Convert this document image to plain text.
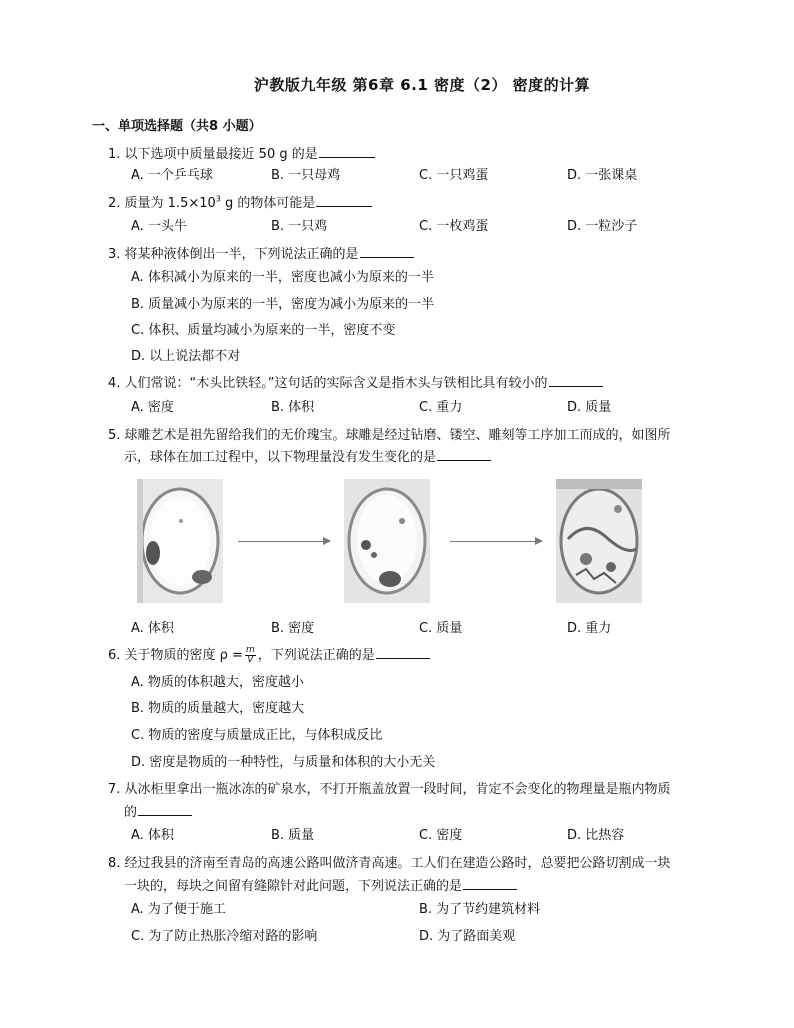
沪教版九年级 第6章 6.1 密度（2） 密度的计算
一、单项选择题（共8 小题）
1. 以下选项中质量最接近 50 g 的是
A. 一个乒乓球	B. 一只母鸡	C. 一只鸡蛋	D. 一张课桌
2. 质量为 $1.5\times 10^3$ g 的物体可能是
A. 一头牛	B. 一只鸡	C. 一枚鸡蛋	D. 一粒沙子
3. 将某种液体倒出一半，下列说法正确的是
A. 体积减小为原来的一半，密度也减小为原来的一半
B. 质量减小为原来的一半，密度为减小为原来的一半
C. 体积、质量均减小为原来的一半，密度不变
D. 以上说法都不对
4. 人们常说：“木头比铁轻。”这句话的实际含义是指木头与铁相比具有较小的
A. 密度	B. 体积	C. 重力	D. 质量
5. 球雕艺术是祖先留给我们的无价瑰宝。球雕是经过钻磨、镂空、雕刻等工序加工而成的，如图所
示，球体在加工过程中，以下物理量没有发生变化的是
A. 体积	B. 密度	C. 质量	D. 重力
6. 关于物质的密度 $\rho = \frac{m}{V}$ ，下列说法正确的是
A. 物质的体积越大，密度越小
B. 物质的质量越大，密度越大
C. 物质的密度与质量成正比，与体积成反比
D. 密度是物质的一种特性，与质量和体积的大小无关
7. 从冰柜里拿出一瓶冰冻的矿泉水，不打开瓶盖放置一段时间，肯定不会变化的物理量是瓶内物质
的
A. 体积	B. 质量	C. 密度	D. 比热容
8. 经过我县的济南至青岛的高速公路叫做济青高速。工人们在建造公路时，总要把公路切割成一块
一块的，每块之间留有缝隙针对此问题，下列说法正确的是
A. 为了便于施工	B. 为了节约建筑材料
C. 为了防止热胀冷缩对路的影响	D. 为了路面美观
